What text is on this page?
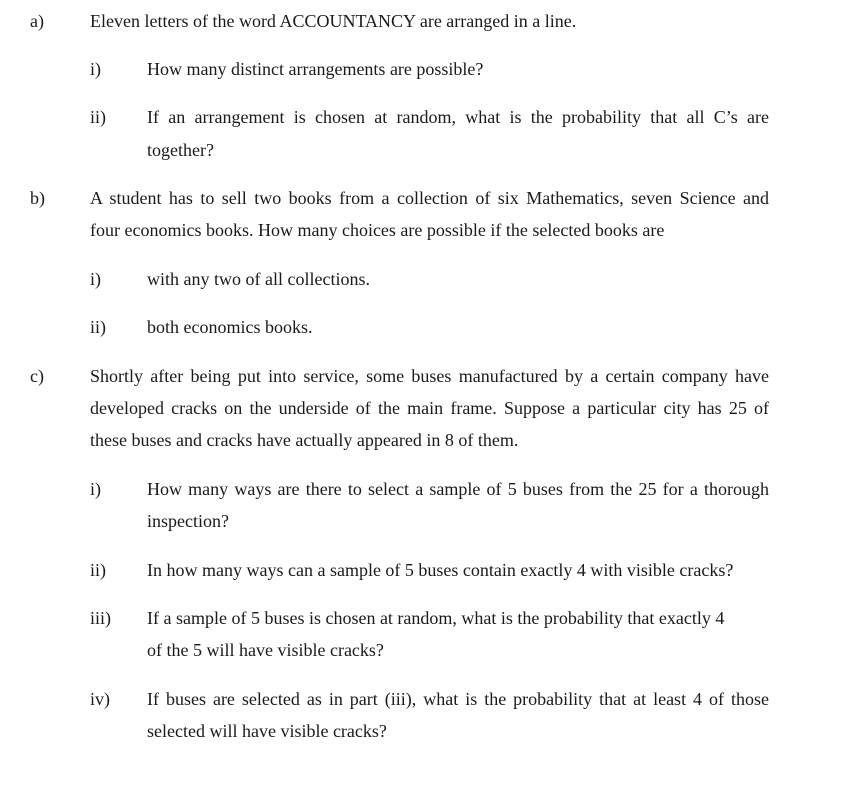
a)	Eleven letters of the word ACCOUNTANCY are arranged in a line.
i)	How many distinct arrangements are possible?
ii) If an arrangement is chosen at random, what is the probability that all C’s are
together?
b)	A student has to sell two books from a collection of six Mathematics, seven Science and
four economics books. How many choices are possible if the selected books are
i)	with any two of all collections.
ii) both economics books.
c)	Shortly after being put into service, some buses manufactured by a certain company have
developed cracks on the underside of the main frame. Suppose a particular city has 25 of
these buses and cracks have actually appeared in 8 of them.
i)	How many ways are there to select a sample of 5 buses from the 25 for a thorough
inspection?
ii) In how many ways can a sample of 5 buses contain exactly 4 with visible cracks?
iii) If a sample of 5 buses is chosen at random, what is the probability that exactly 4
of the 5 will have visible cracks?
iv) If buses are selected as in part (iii), what is the probability that at least 4 of those
selected will have visible cracks?
